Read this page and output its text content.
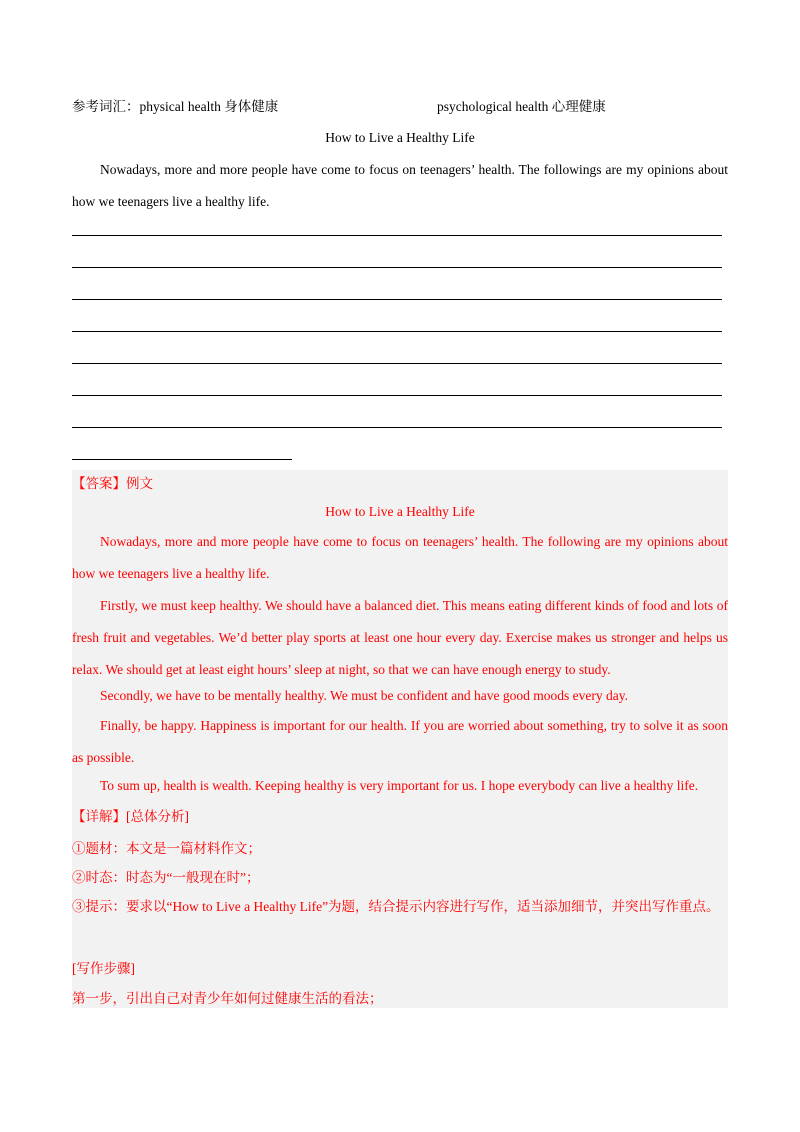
参考词汇：physical health 身体健康	psychological health 心理健康
How to Live a Healthy Life
Nowadays, more and more people have come to focus on teenagers’ health. The followings are my opinions about how we teenagers live a healthy life.
【答案】例文
How to Live a Healthy Life
Nowadays, more and more people have come to focus on teenagers’ health. The following are my opinions about how we teenagers live a healthy life.
Firstly, we must keep healthy. We should have a balanced diet. This means eating different kinds of food and lots of fresh fruit and vegetables. We’d better play sports at least one hour every day. Exercise makes us stronger and helps us relax. We should get at least eight hours’ sleep at night, so that we can have enough energy to study.
Secondly, we have to be mentally healthy. We must be confident and have good moods every day.
Finally, be happy. Happiness is important for our health. If you are worried about something, try to solve it as soon as possible.
To sum up, health is wealth. Keeping healthy is very important for us. I hope everybody can live a healthy life.
【详解】[总体分析]
①题材：本文是一篇材料作文；
②时态：时态为“一般现在时”；
③提示：要求以“How to Live a Healthy Life”为题，结合提示内容进行写作，适当添加细节，并突出写作重点。
[写作步骤]
第一步，引出自己对青少年如何过健康生活的看法；
